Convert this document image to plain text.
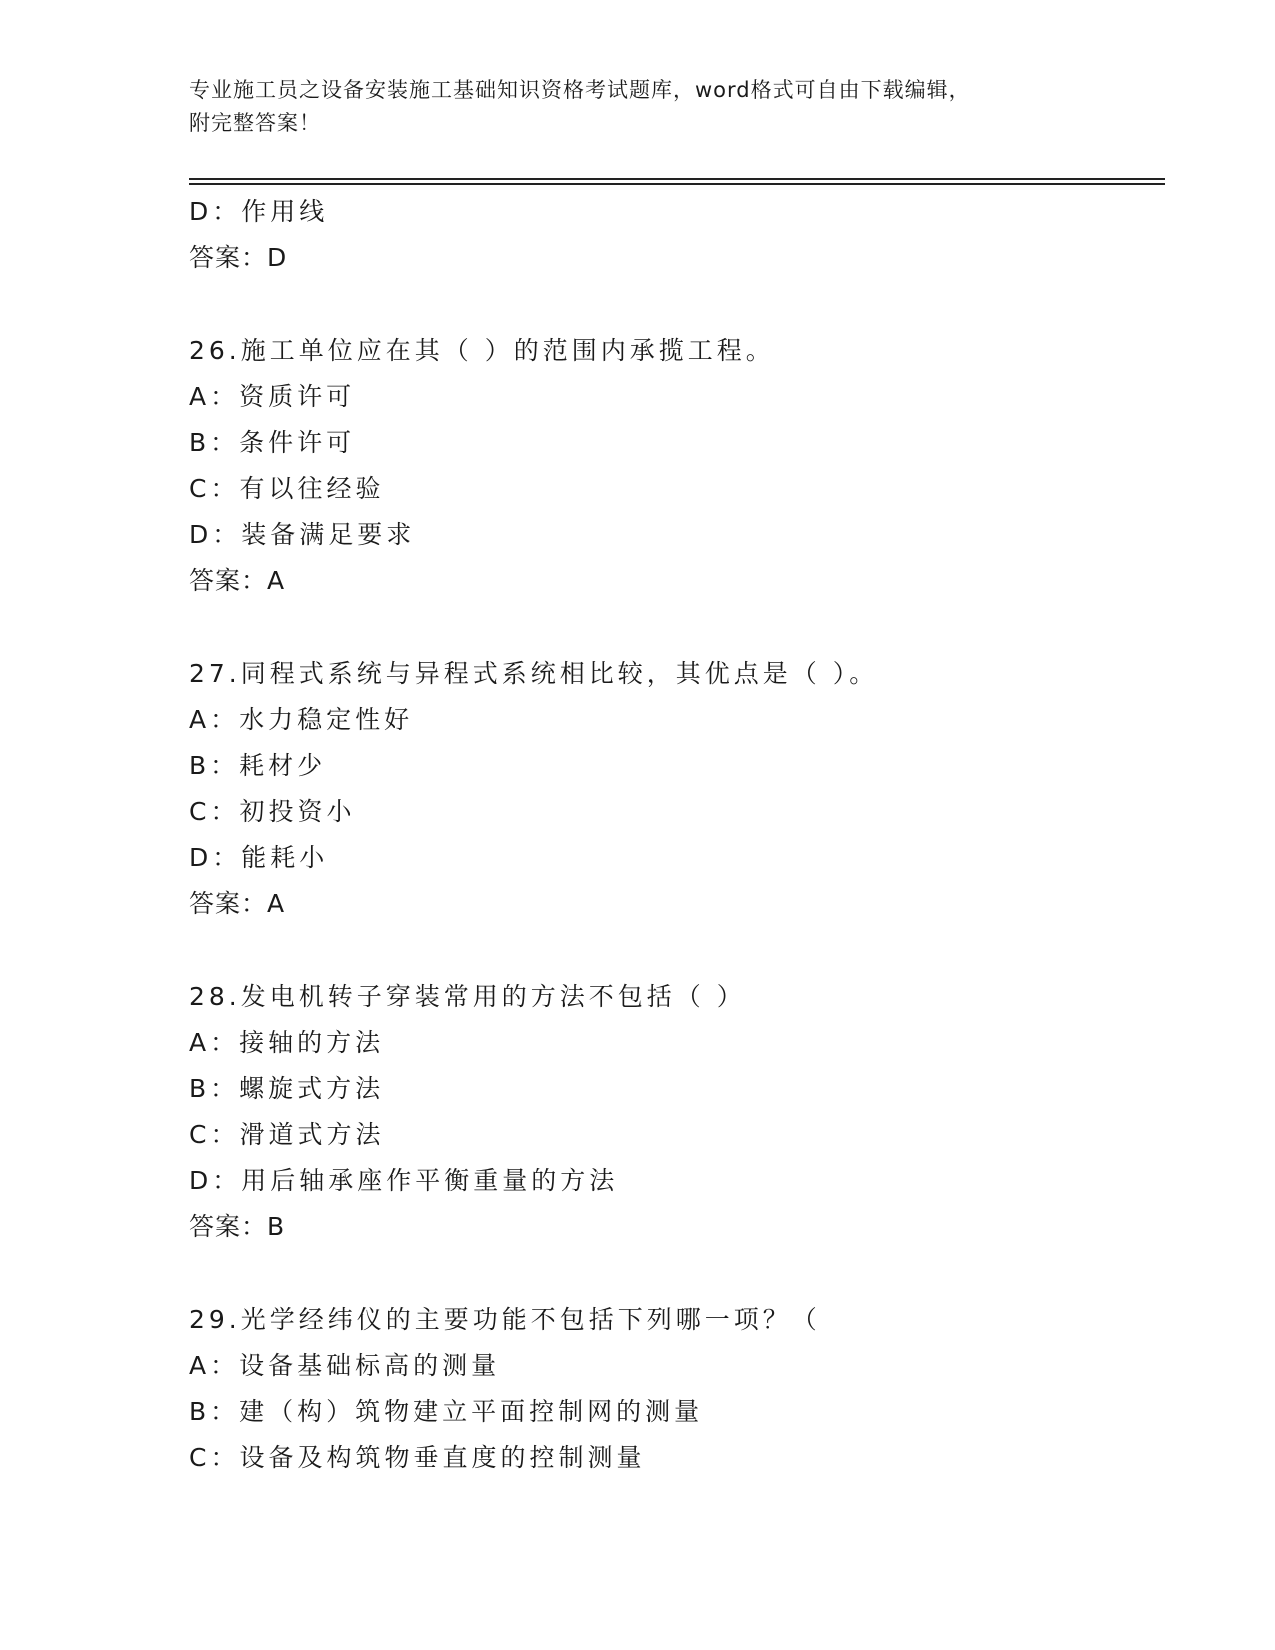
专业施工员之设备安装施工基础知识资格考试题库，word格式可自由下载编辑，
附完整答案！
D：作用线
答案：D
26.施工单位应在其（ ）的范围内承揽工程。
A：资质许可
B：条件许可
C：有以往经验
D：装备满足要求
答案：A
27.同程式系统与异程式系统相比较，其优点是（ ）。
A：水力稳定性好
B：耗材少
C：初投资小
D：能耗小
答案：A
28.发电机转子穿装常用的方法不包括（ ）
A：接轴的方法
B：螺旋式方法
C：滑道式方法
D：用后轴承座作平衡重量的方法
答案：B
29.光学经纬仪的主要功能不包括下列哪一项？（
A：设备基础标高的测量
B：建（构）筑物建立平面控制网的测量
C：设备及构筑物垂直度的控制测量
